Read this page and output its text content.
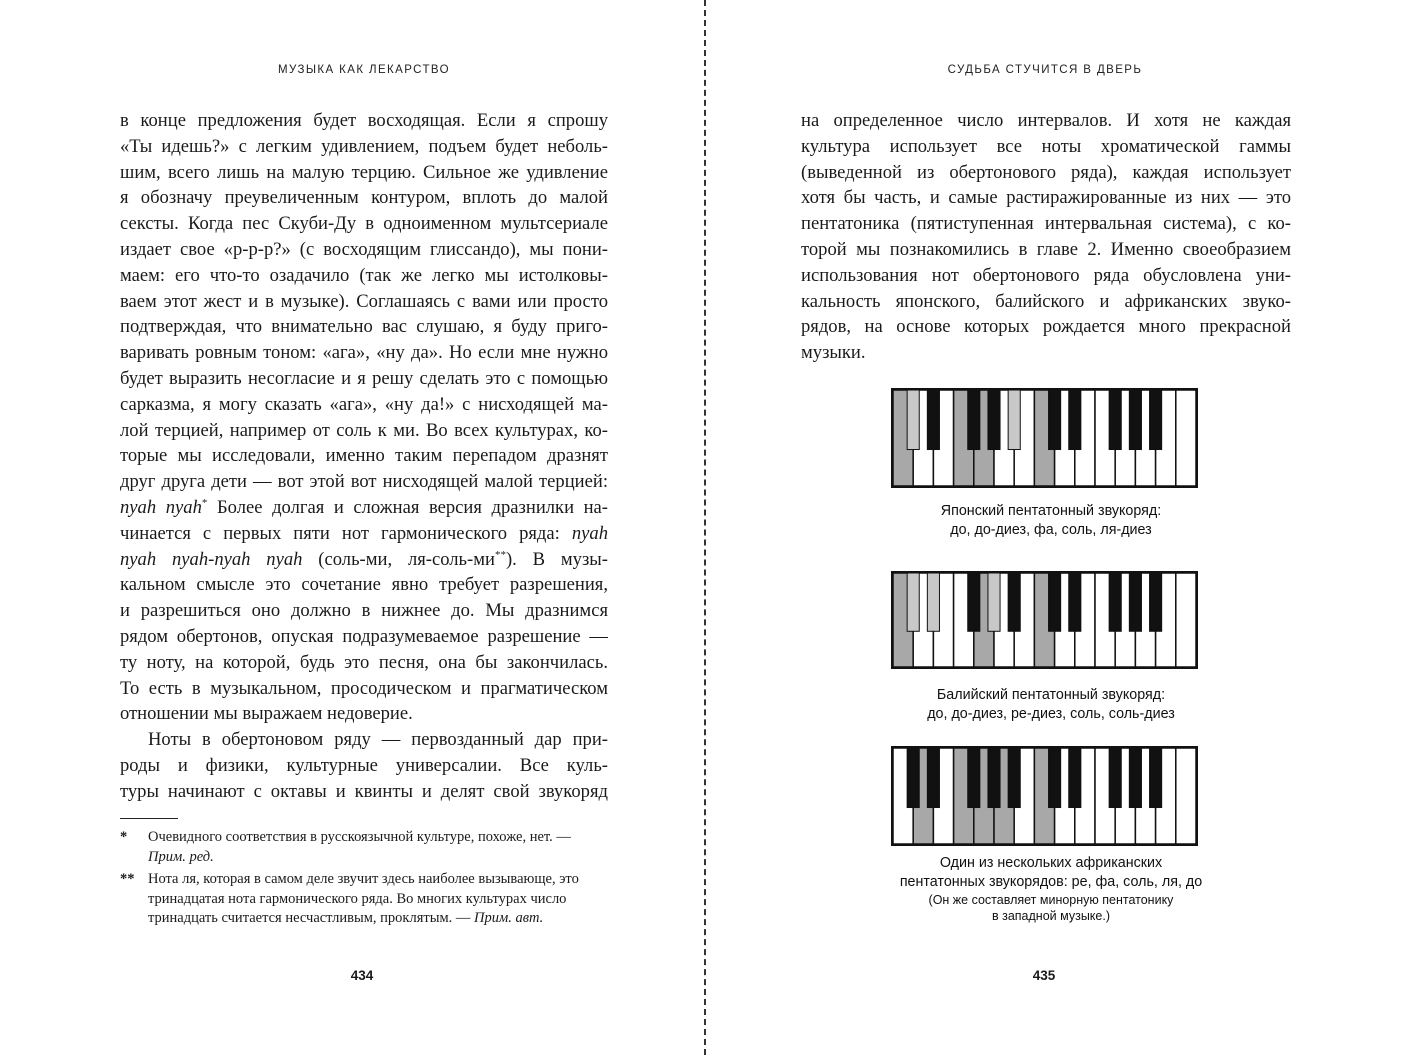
МУЗЫКА КАК ЛЕКАРСТВО
в конце предложения будет восходящая. Если я спрошу
«Ты идешь?» с легким удивлением, подъем будет неболь-
шим, всего лишь на малую терцию. Сильное же удивление
я обозначу преувеличенным контуром, вплоть до малой
сексты. Когда пес Скуби-Ду в одноименном мультсериале
издает свое «р-р-р?» (с восходящим глиссандо), мы пони-
маем: его что-то озадачило (так же легко мы истолковы-
ваем этот жест и в музыке). Соглашаясь с вами или просто
подтверждая, что внимательно вас слушаю, я буду приго-
варивать ровным тоном: «ага», «ну да». Но если мне нужно
будет выразить несогласие и я решу сделать это с помощью
сарказма, я могу сказать «ага», «ну да!» с нисходящей ма-
лой терцией, например от соль к ми. Во всех культурах, ко-
торые мы исследовали, именно таким перепадом дразнят
друг друга дети — вот этой вот нисходящей малой терцией:
nyah nyah* Более долгая и сложная версия дразнилки на-
чинается с первых пяти нот гармонического ряда: nyah
nyah nyah-nyah nyah (соль-ми, ля-соль-ми**). В музы-
кальном смысле это сочетание явно требует разрешения,
и разрешиться оно должно в нижнее до. Мы дразнимся
рядом обертонов, опуская подразумеваемое разрешение —
ту ноту, на которой, будь это песня, она бы закончилась.
То есть в музыкальном, просодическом и прагматическом
отношении мы выражаем недоверие.
Ноты в обертоновом ряду — первозданный дар при-
роды и физики, культурные универсалии. Все куль-
туры начинают с октавы и квинты и делят свой звукоряд
* Очевидного соответствия в русскоязычной культуре, похоже, нет. —
Прим. ред.
** Нота ля, которая в самом деле звучит здесь наиболее вызывающе, это
тринадцатая нота гармонического ряда. Во многих культурах число
тринадцать считается несчастливым, проклятым. — Прим. авт.
434
СУДЬБА СТУЧИТСЯ В ДВЕРЬ
на определенное число интервалов. И хотя не каждая
культура использует все ноты хроматической гаммы
(выведенной из обертонового ряда), каждая использует
хотя бы часть, и самые растиражированные из них — это
пентатоника (пятиступенная интервальная система), с ко-
торой мы познакомились в главе 2. Именно своеобразием
использования нот обертонового ряда обусловлена уни-
кальность японского, балийского и африканских звуко-
рядов, на основе которых рождается много прекрасной
музыки.
Японский пентатонный звукоряд:
до, до-диез, фа, соль, ля-диез
Балийский пентатонный звукоряд:
до, до-диез, ре-диез, соль, соль-диез
Один из нескольких африканских
пентатонных звукорядов: ре, фа, соль, ля, до
(Он же составляет минорную пентатонику
в западной музыке.)
435
